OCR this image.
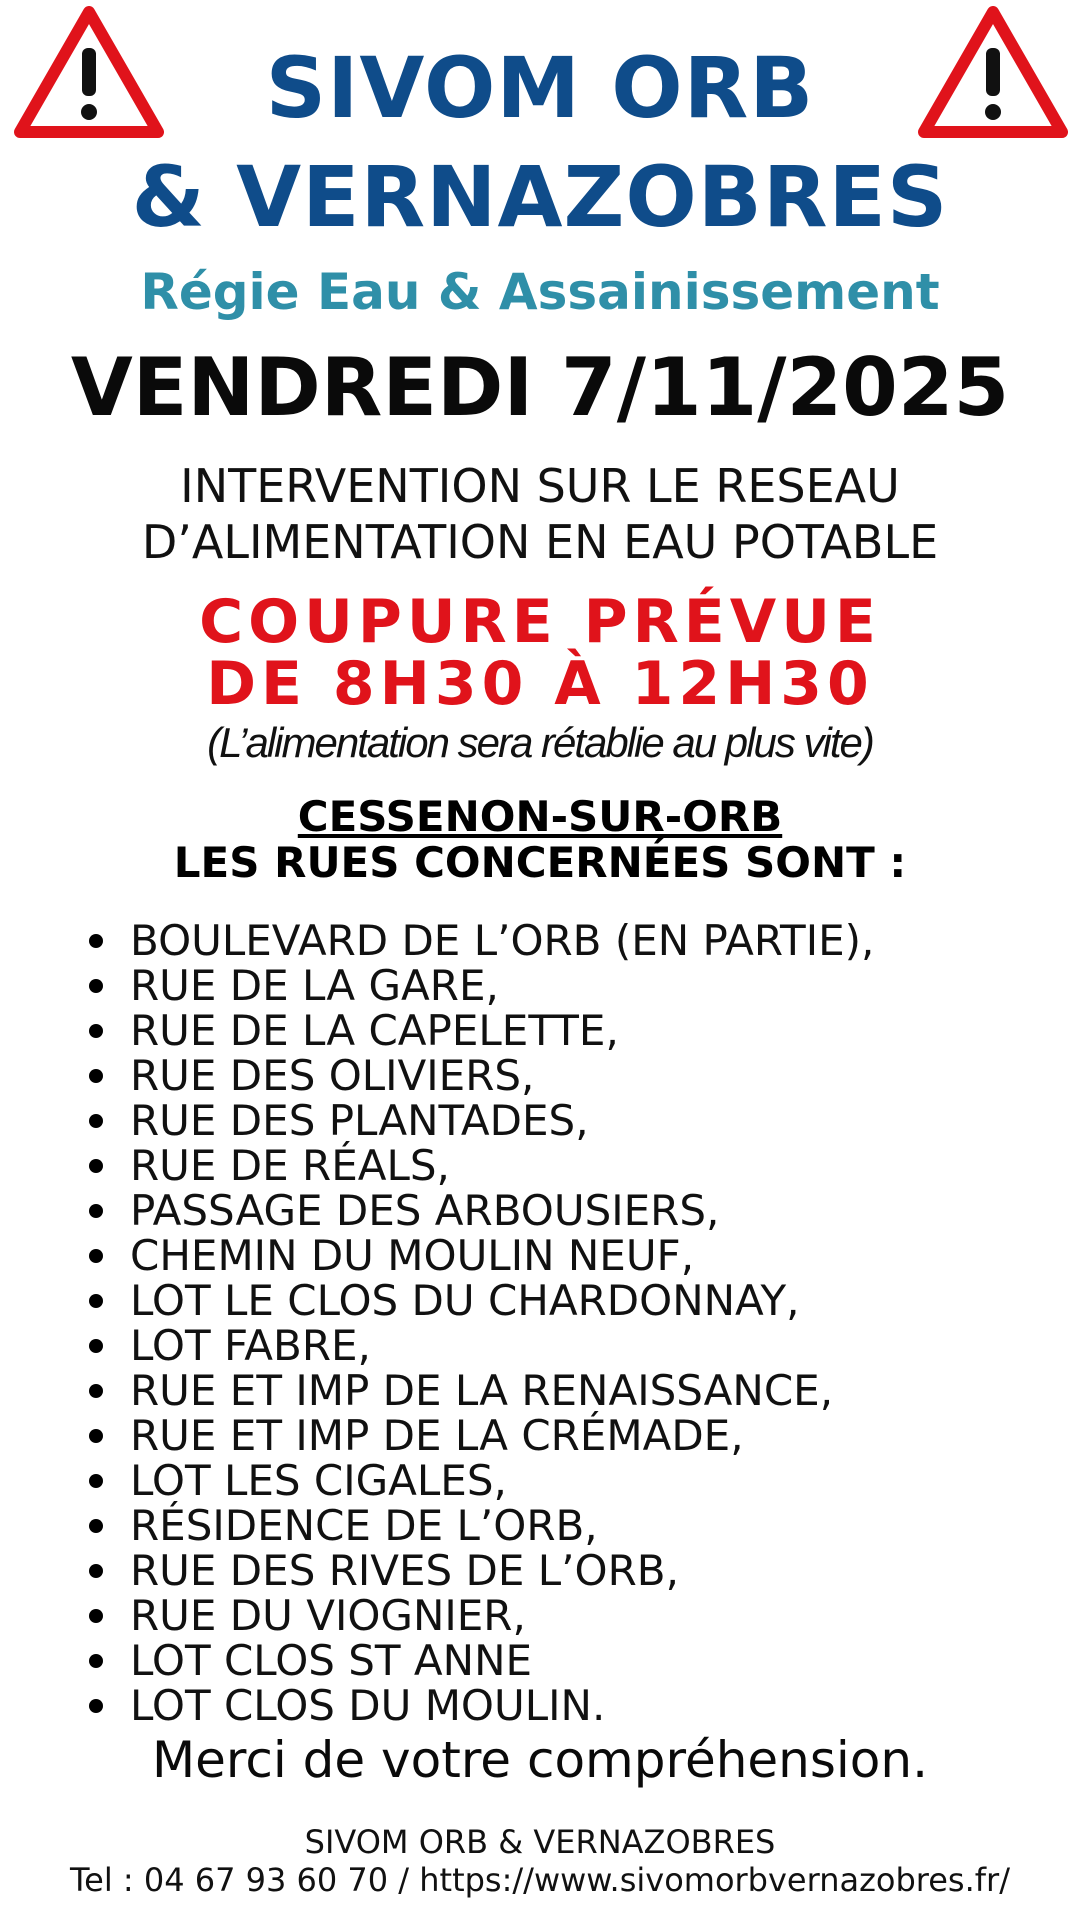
SIVOM ORB
& VERNAZOBRES
Régie Eau & Assainissement
VENDREDI 7/11/2025
INTERVENTION SUR LE RESEAU
D’ALIMENTATION EN EAU POTABLE
COUPURE PRÉVUE
DE 8H30 À 12H30
(L’alimentation sera rétablie au plus vite)
CESSENON-SUR-ORB
LES RUES CONCERNÉES SONT :
BOULEVARD DE L’ORB (EN PARTIE),
RUE DE LA GARE,
RUE DE LA CAPELETTE,
RUE DES OLIVIERS,
RUE DES PLANTADES,
RUE DE RÉALS,
PASSAGE DES ARBOUSIERS,
CHEMIN DU MOULIN NEUF,
LOT LE CLOS DU CHARDONNAY,
LOT FABRE,
RUE ET IMP DE LA RENAISSANCE,
RUE ET IMP DE LA CRÉMADE,
LOT LES CIGALES,
RÉSIDENCE DE L’ORB,
RUE DES RIVES DE L’ORB,
RUE DU VIOGNIER,
LOT CLOS ST ANNE
LOT CLOS DU MOULIN.
Merci de votre compréhension.
SIVOM ORB & VERNAZOBRES
Tel : 04 67 93 60 70 / https://www.sivomorbvernazobres.fr/
